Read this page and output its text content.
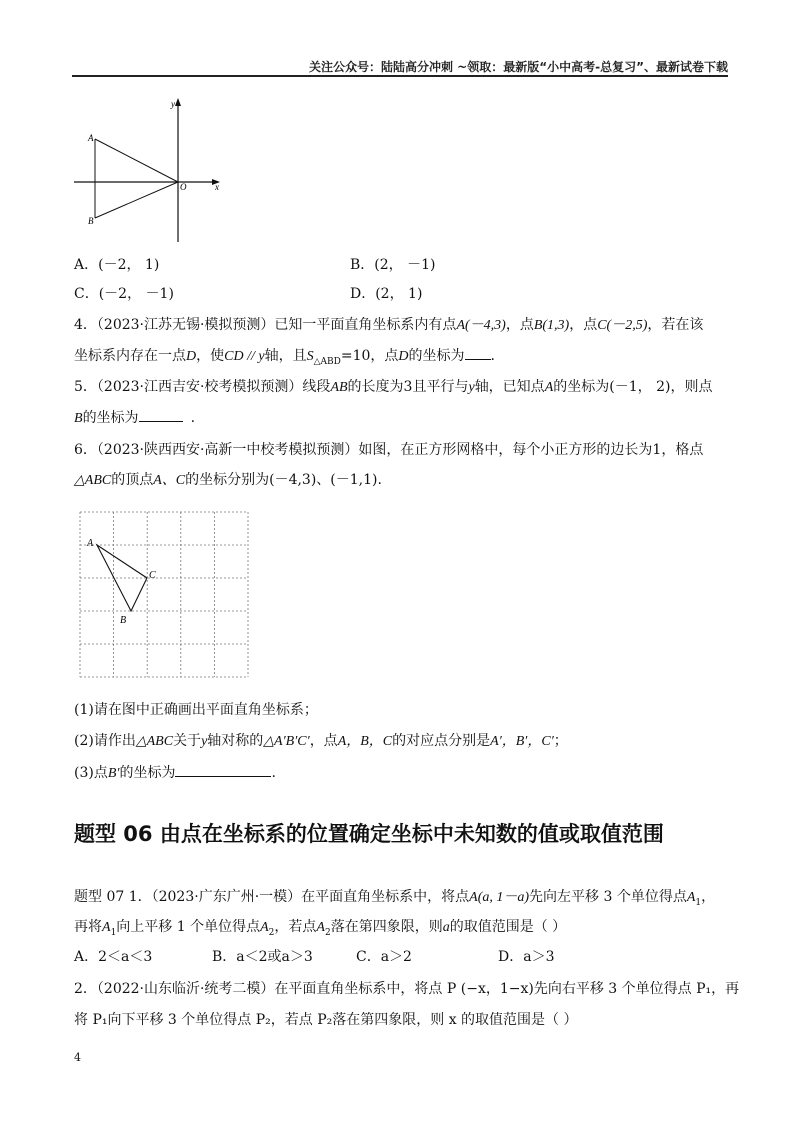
关注公众号：陆陆高分冲刺 ~领取：最新版“小中高考-总复习”、最新试卷下载
y
x
O
A
B
A．(－2， 1)	B．(2， －1)
C．(－2， －1)	D．(2， 1)
4．（2023·江苏无锡·模拟预测）已知一平面直角坐标系内有点A(－4,3)，点B(1,3)，点C(－2,5)，若在该
坐标系内存在一点D，使CD // y轴，且$S_{\triangle ABD}=10$，点D的坐标为 .
5．（2023·江西吉安·校考模拟预测）线段AB的长度为3且平行与y轴，已知点A的坐标为(－1， 2)，则点
B的坐标为	.
6．（2023·陕西西安·高新一中校考模拟预测）如图，在正方形网格中，每个小正方形的边长为1，格点
△ABC的顶点A、C的坐标分别为(－4,3)、(－1,1).
A
B
C
(1)请在图中正确画出平面直角坐标系；
(2)请作出△ABC关于y轴对称的△A′B′C′，点A，B，C的对应点分别是A′，B′，C′；
(3)点B′的坐标为	.
题型 06 由点在坐标系的位置确定坐标中未知数的值或取值范围
题型 07 1．（2023·广东广州·一模）在平面直角坐标系中，将点A(a, 1－a)先向左平移 3 个单位得点$A_1$，
再将$A_1$向上平移 1 个单位得点$A_2$，若点$A_2$落在第四象限，则a的取值范围是（ ）
A．2＜a＜3	B．a＜2或a＞3	C．a＞2	D．a＞3
2．（2022·山东临沂·统考二模）在平面直角坐标系中，将点 P (−x，1−x)先向右平移 3 个单位得点 P₁，再
将 P₁向下平移 3 个单位得点 P₂，若点 P₂落在第四象限，则 x 的取值范围是（ ）
4
